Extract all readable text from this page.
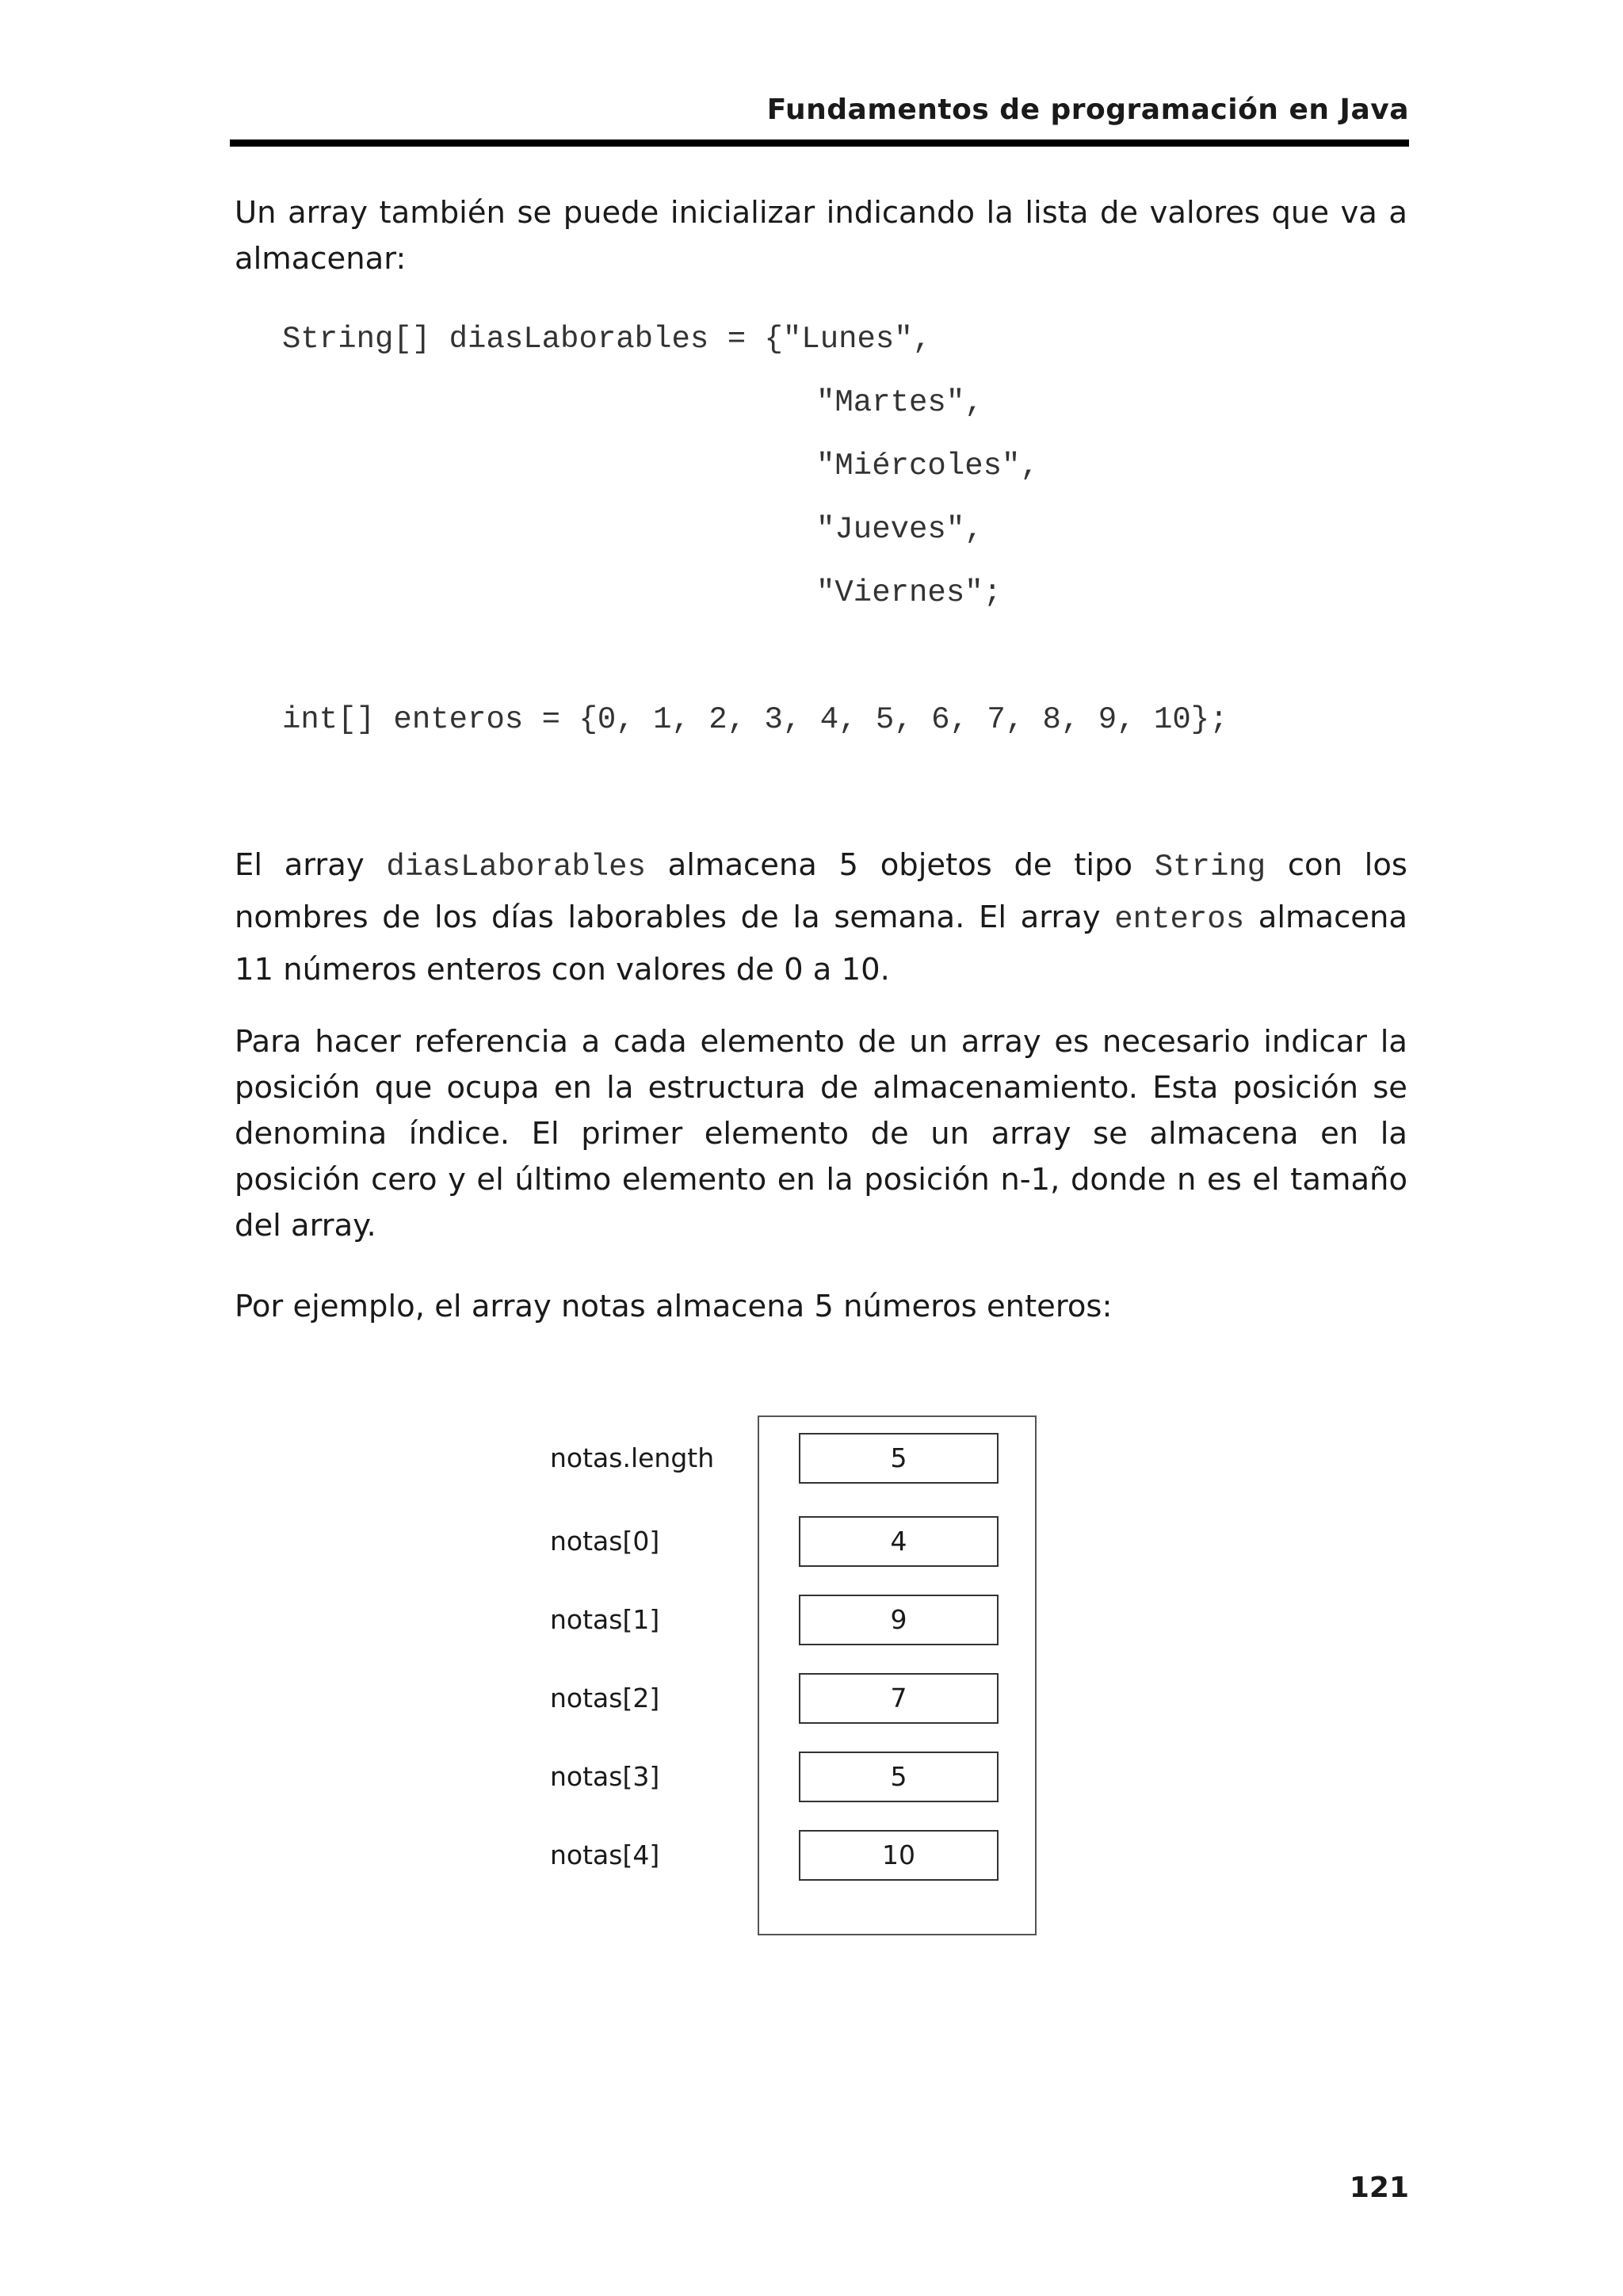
Fundamentos de programación en Java

Un array también se puede inicializar indicando la lista de valores que va a almacenar:

String[] diasLaborables = {"Lunes",
"Martes",
"Miércoles",
"Jueves",
"Viernes";
int[] enteros = {0, 1, 2, 3, 4, 5, 6, 7, 8, 9, 10};

El array diasLaborables almacena 5 objetos de tipo String con los nombres de los días laborables de la semana. El array enteros almacena 11 números enteros con valores de 0 a 10.

Para hacer referencia a cada elemento de un array es necesario indicar la posición que ocupa en la estructura de almacenamiento. Esta posición se denomina índice. El primer elemento de un array se almacena en la posición cero y el último elemento en la posición n-1, donde n es el tamaño del array.

Por ejemplo, el array notas almacena 5 números enteros:

notas.length	5
notas[0]	4
notas[1]	9
notas[2]	7
notas[3]	5
notas[4]	10
121
